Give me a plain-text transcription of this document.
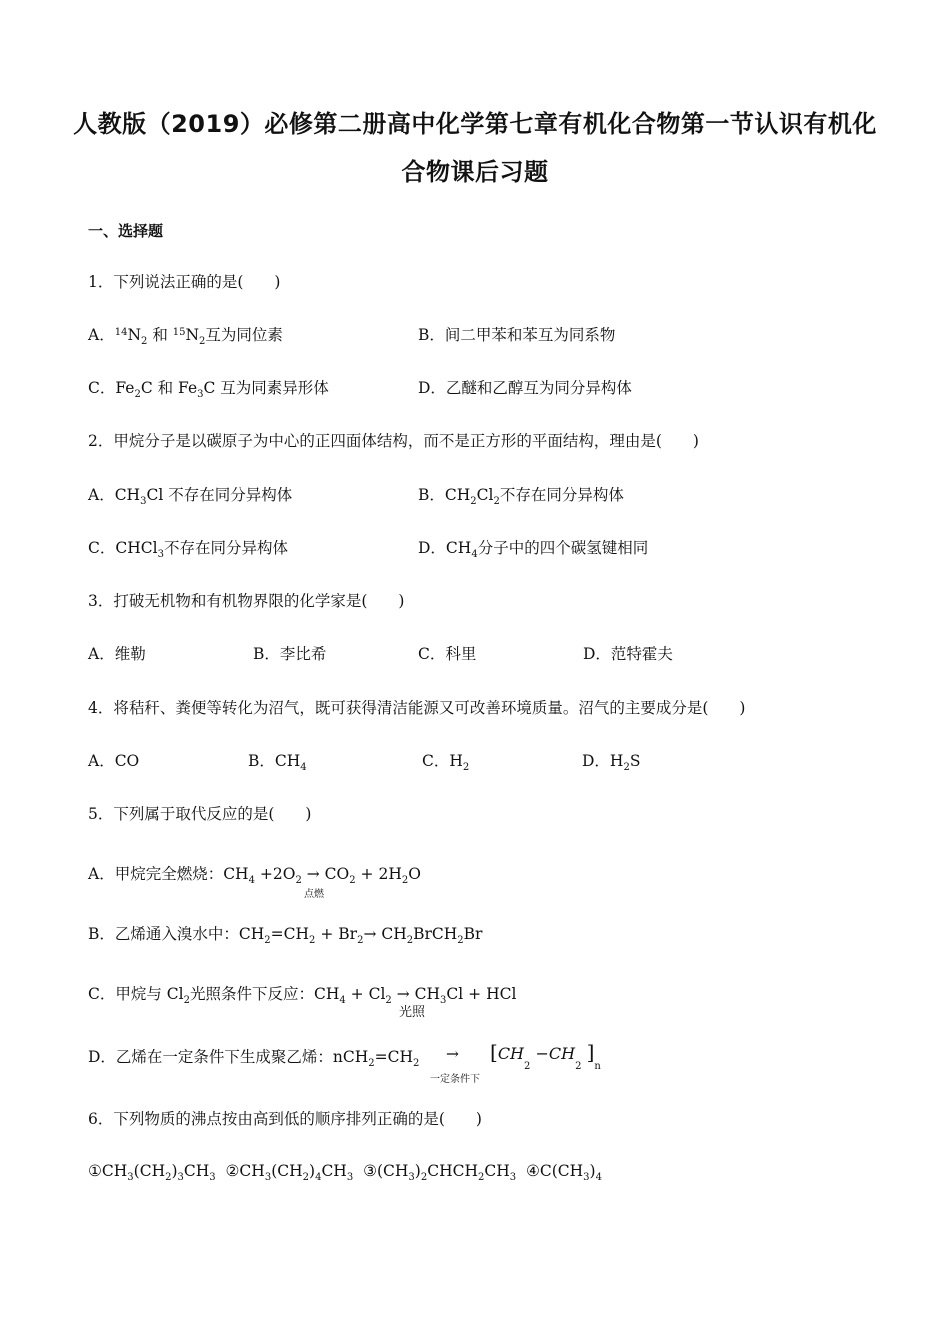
人教版（2019）必修第二册高中化学第七章有机化合物第一节认识有机化
合物课后习题
一、选择题
1．下列说法正确的是(　　)
A．$^{14}N_2$ 和 $^{15}N_2$互为同位素	B．间二甲苯和苯互为同系物
C．$Fe_2C$ 和 $Fe_3C$ 互为同素异形体	D．乙醚和乙醇互为同分异构体
2．甲烷分子是以碳原子为中心的正四面体结构，而不是正方形的平面结构，理由是(　　)
A．$CH_3Cl$ 不存在同分异构体	B．$CH_2Cl_2$不存在同分异构体
C．CHCl$_3$不存在同分异构体	D．$CH_4$分子中的四个碳氢键相同
3．打破无机物和有机物界限的化学家是(　　)
A．维勒	B．李比希	C．科里	D．范特霍夫
4．将秸秆、粪便等转化为沼气，既可获得清洁能源又可改善环境质量。沼气的主要成分是(　　)
A．CO	B．$CH_4$	C．$H_2$	D．$H_2S$
5．下列属于取代反应的是(　　)
A．甲烷完全燃烧：$CH_4 +2O_2 \to CO_2 + 2H_2O$
点燃
B．乙烯通入溴水中：$CH_2=CH_2 + Br_2\to$ $CH_2BrCH_2Br$
C．甲烷与 $Cl_2$光照条件下反应：$CH_4 + Cl_2 \to CH_3Cl$ + HCl
光照
D．乙烯在一定条件下生成聚乙烯：$nCH_2=CH_2$
→
一定条件下
[$CH_2 -CH_2$ ]$_n$
6．下列物质的沸点按由高到低的顺序排列正确的是(　　)
$①CH_3(CH_2)_3CH_3$ $②CH_3(CH_2)_4CH_3$ $③(CH_3)_2CHCH_2CH_3$ $④C(CH_3)_4$
